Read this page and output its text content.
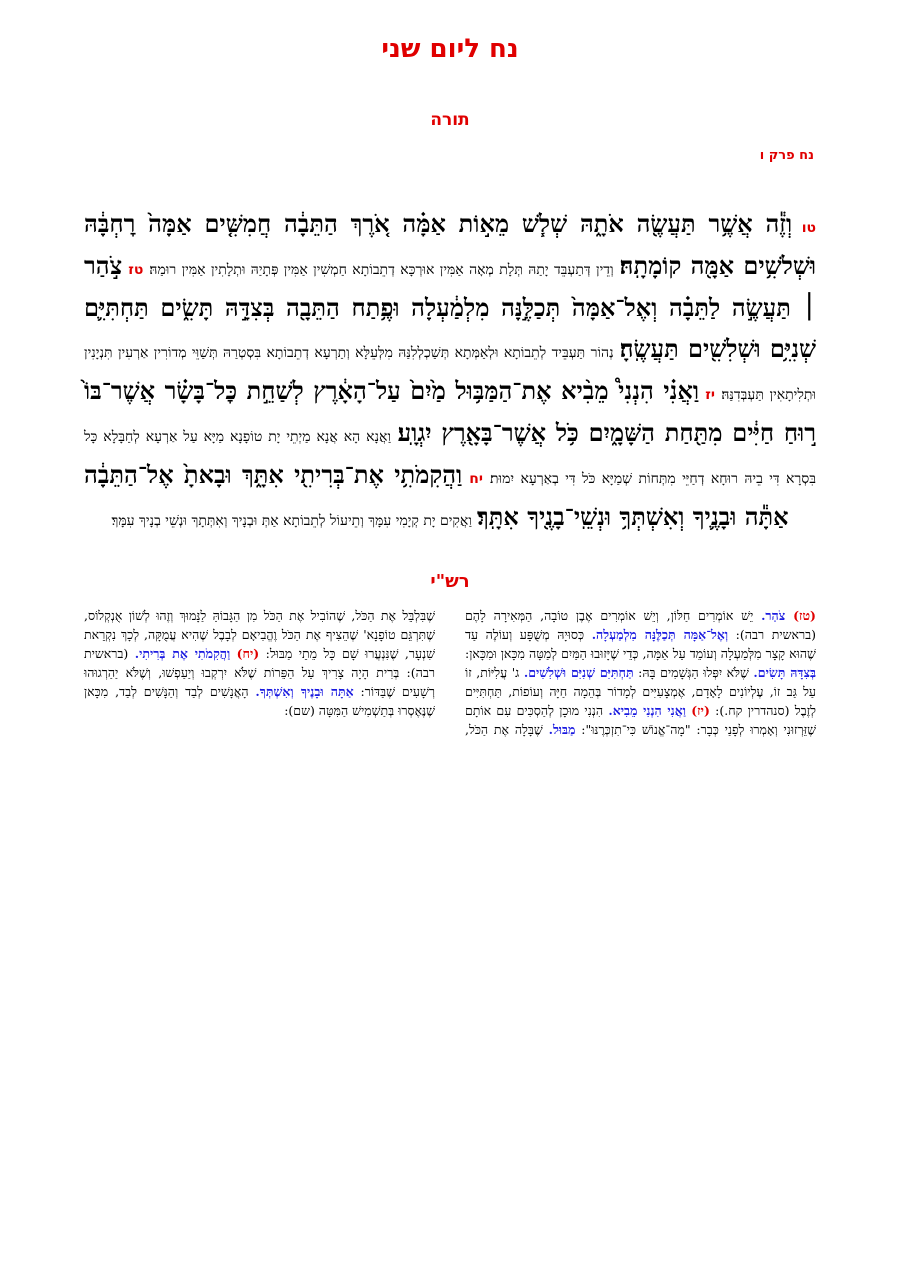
נח ליום שני
תורה
נח פרק ו
טו וְזֶ֕ה אֲשֶׁ֥ר תַּעֲשֶׂ֖ה אֹתָ֑הּ שְׁלֹ֧שׁ מֵא֣וֹת אַמָּ֗ה אֹ֚רֶךְ הַתֵּבָ֔ה חֲמִשִּׁ֤ים אַמָּה֙ רׇחְבָּ֔הּ וּשְׁלֹשִׁ֥ים אַמָּ֖ה קוֹמָתָֽהּ׃ וְדֵין דְּתַעְבֵּד יָתַהּ תְּלָת מְאָה אַמִּין אוּרְכָּא דְתֵבוֹתָא חַמְשִׁין אַמִּין פְּתָיַהּ וּתְלָתִין אַמִּין רוּמַהּ׃ טז צֹ֣הַר ׀ תַּעֲשֶׂ֣ה לַתֵּבָ֗ה וְאֶל־אַמָּה֙ תְּכַלֶּ֣נָּה מִלְמַ֔עְלָה וּפֶ֥תַח הַתֵּבָ֖ה בְּצִדָּ֣הּ תָּשִׂ֑ים תַּחְתִּיִּ֛ם שְׁנִיִּ֥ם וּשְׁלִשִׁ֖ים תַּעֲשֶֽׂהָ׃ נְהוֹר תַּעְבֵּיד לְתֵבוֹתָא וּלְאַמְּתָא תְּשַׁכְלְלִנַּהּ מִלְּעֵלָּא וְתַרְעָא דְתֵבוֹתָא בִּסְטְרַהּ תְּשַׁוֵּי מְדוֹרִין אַרְעִין תִּנְיָנִין וּתְלִיתָאִין תַּעְבְּדִנַּהּ׃ יז וַאֲנִ֗י הִנְנִי֩ מֵבִ֨יא אֶת־הַמַּבּ֥וּל מַ֙יִם֙ עַל־הָאָ֔רֶץ לְשַׁחֵ֣ת כׇּל־בָּשָׂ֗ר אֲשֶׁר־בּוֹ֙ ר֣וּחַ חַיִּ֔ים מִתַּ֖חַת הַשָּׁמָ֑יִם כֹּ֥ל אֲשֶׁר־בָּאָ֖רֶץ יִגְוָֽע׃ וַאֲנָא הָא אֲנָא מַיְתֵי יָת טוֹפָנָא מַיָּא עַל אַרְעָא לְחַבָּלָא כָּל בִּסְרָא דִּי בֵיהּ רוּחָא דְחַיֵּי מִתְּחוֹת שְׁמַיָּא כֹּל דִּי בְאַרְעָא יִמוּת׃ יח וַהֲקִמֹתִ֥י אֶת־בְּרִיתִ֖י אִתָּ֑ךְ וּבָאתָ֙ אֶל־הַתֵּבָ֔ה אַתָּ֕ה וּבָנֶ֛יךָ וְאִשְׁתְּךָ֥ וּנְשֵֽׁי־בָנֶ֖יךָ אִתָּֽךְ׃ וַאֲקִים יָת קְיָמִי עִמָּךְ וְתֵיעוֹל לְתֵבוֹתָא אַתְּ וּבְנָיךְ וְאִתְּתָךְ וּנְשֵׁי בְנָיךְ עִמָּךְ׃
רש"י
(טז) צֹהַר. יֵשׁ אוֹמְרִים חַלּוֹן, וְיֵשׁ אוֹמְרִים אֶבֶן טוֹבָה, הַמְּאִירָה לָהֶם (בראשית רבה): וְאֶל־אַמָּה תְּכַלֶּנָּה מִלְמַעְלָה. כְּסוּיָהּ מְשֻׁפָּע וְעוֹלֶה עַד שֶׁהוּא קָצָר מִלְּמַעְלָה וְעוֹמֵד עַל אַמָּה, כְּדֵי שֶׁיָּזוּבוּ הַמַּיִם לְמַטָּה מִכָּאן וּמִכָּאן: בְּצִדָּהּ תָּשִׂים. שֶׁלֹּא יִפְּלוּ הַגְּשָׁמִים בָּהּ: תַּחְתִּיִּם שְׁנִיִּם וּשְׁלִשִׁים. ג' עֲלִיּוֹת, זוֹ עַל גַּב זוֹ, עֶלְיוֹנִים לָאָדָם, אֶמְצָעִיִּים לְמָדוֹר בְּהֵמָה חַיָּה וְעוֹפוֹת, תַּחְתִּיִּים לְזֶבֶל (סנהדרין קח.): (יז) וַאֲנִי הִנְנִי מֵבִיא. הִנְנִי מוּכָן לְהַסְכִּים עִם אוֹתָם שֶׁזֵּרְזוּנִי וְאָמְרוּ לְפָנַי כְּבָר: "מָה־אֱנוֹשׁ כִּי־תִזְכְּרֶנּוּ": מַבּוּל. שֶׁבָּלָה אֶת הַכֹּל, שֶׁבִּלְבֵּל אֶת הַכֹּל, שֶׁהוֹבִיל אֶת הַכֹּל מִן הַגָּבוֹהַּ לַנָּמוּךְ וְזֶהוּ לְשׁוֹן אֻנְקְלוֹס, שֶׁתִּרְגֵּם טוֹפָנָא' שֶׁהֵצִיף אֶת הַכֹּל וֶהֱבִיאָם לְבָבֶל שֶׁהִיא עֲמֻקָּה, לְכָךְ נִקְרֵאת שִׁנְעָר, שֶׁנִּנְעֲרוּ שָׁם כָּל מֵתֵי מַבּוּל: (יח) וַהֲקִמֹתִי אֶת בְּרִיתִי. (בראשית רבה): בְּרִית הָיָה צָרִיךְ עַל הַפֵּרוֹת שֶׁלֹּא יִרְקְבוּ וְיַעַפְשׁוּ, וְשֶׁלֹּא יַהַרְגוּהוּ רְשָׁעִים שֶׁבַּדּוֹר: אַתָּה וּבָנֶיךָ וְאִשְׁתְּךָ. הָאֲנָשִׁים לְבַד וְהַנָּשִׁים לְבַד, מִכָּאן שֶׁנֶּאֶסְרוּ בְּתַשְׁמִישׁ הַמִּטָּה (שם):
